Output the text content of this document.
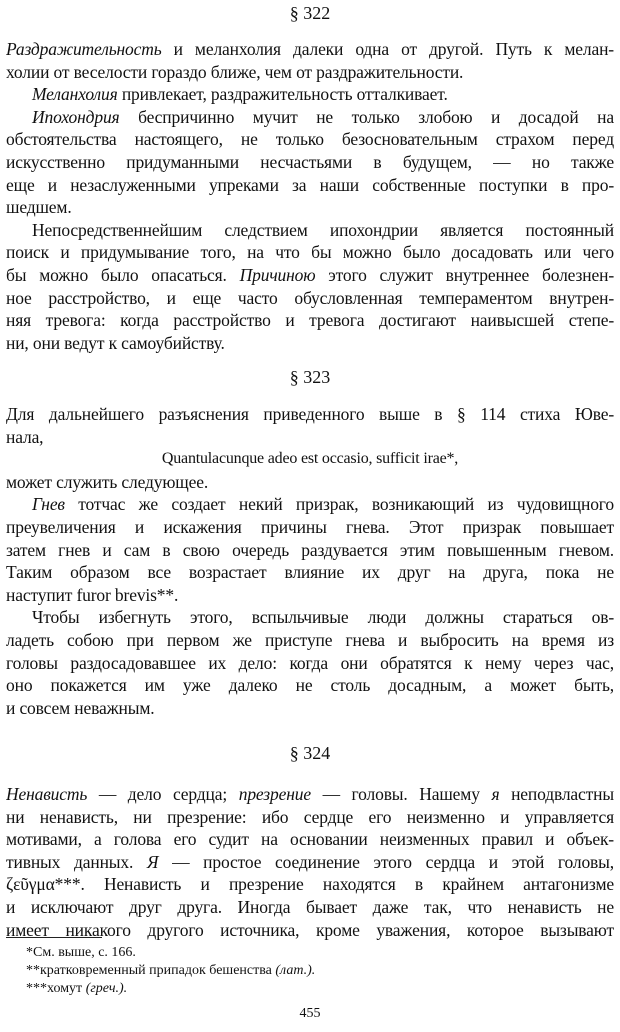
§ 322
Раздражительность и меланхолия далеки одна от другой. Путь к мелан-
холии от веселости гораздо ближе, чем от раздражительности.
Меланхолия привлекает, раздражительность отталкивает.
Ипохондрия беспричинно мучит не только злобою и досадой на
обстоятельства настоящего, не только безосновательным страхом перед
искусственно придуманными несчастьями в будущем, — но также
еще и незаслуженными упреками за наши собственные поступки в про-
шедшем.
Непосредственнейшим следствием ипохондрии является постоянный
поиск и придумывание того, на что бы можно было досадовать или чего
бы можно было опасаться. Причиною этого служит внутреннее болезнен-
ное расстройство, и еще часто обусловленная темпераментом внутрен-
няя тревога: когда расстройство и тревога достигают наивысшей степе-
ни, они ведут к самоубийству.
§ 323
Для дальнейшего разъяснения приведенного выше в § 114 стиха Юве-
нала,
Quantulacunque adeo est occasio, sufficit irae*,
может служить следующее.
Гнев тотчас же создает некий призрак, возникающий из чудовищного
преувеличения и искажения причины гнева. Этот призрак повышает
затем гнев и сам в свою очередь раздувается этим повышенным гневом.
Таким образом все возрастает влияние их друг на друга, пока не
наступит furor brevis**.
Чтобы избегнуть этого, вспыльчивые люди должны стараться ов-
ладеть собою при первом же приступе гнева и выбросить на время из
головы раздосадовавшее их дело: когда они обратятся к нему через час,
оно покажется им уже далеко не столь досадным, а может быть,
и совсем неважным.
§ 324
Ненависть — дело сердца; презрение — головы. Нашему я неподвластны
ни ненависть, ни презрение: ибо сердце его неизменно и управляется
мотивами, а голова его судит на основании неизменных правил и объек-
тивных данных. Я — простое соединение этого сердца и этой головы,
ζεῦγμα***. Ненависть и презрение находятся в крайнем антагонизме
и исключают друг друга. Иногда бывает даже так, что ненависть не
имеет никакого другого источника, кроме уважения, которое вызывают
*См. выше, с. 166.
**кратковременный припадок бешенства (лат.).
***хомут (греч.).
455
